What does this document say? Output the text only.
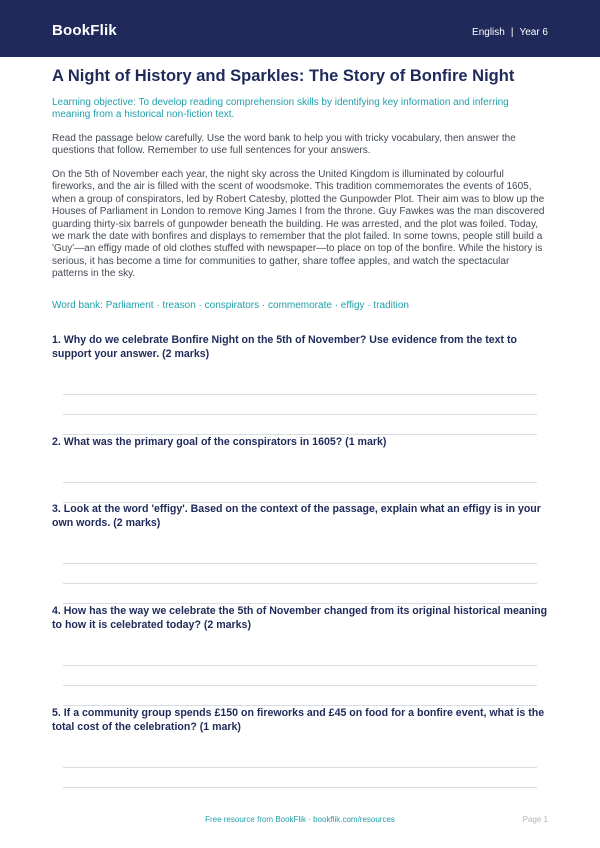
BookFlik	English | Year 6
A Night of History and Sparkles: The Story of Bonfire Night

Learning objective: To develop reading comprehension skills by identifying key information and inferring meaning from a historical non-fiction text.

Read the passage below carefully. Use the word bank to help you with tricky vocabulary, then answer the questions that follow. Remember to use full sentences for your answers.

On the 5th of November each year, the night sky across the United Kingdom is illuminated by colourful fireworks, and the air is filled with the scent of woodsmoke. This tradition commemorates the events of 1605, when a group of conspirators, led by Robert Catesby, plotted the Gunpowder Plot. Their aim was to blow up the Houses of Parliament in London to remove King James I from the throne. Guy Fawkes was the man discovered guarding thirty-six barrels of gunpowder beneath the building. He was arrested, and the plot was foiled. Today, we mark the date with bonfires and displays to remember that the plot failed. In some towns, people still build a 'Guy'—an effigy made of old clothes stuffed with newspaper—to place on top of the bonfire. While the history is serious, it has become a time for communities to gather, share toffee apples, and watch the spectacular patterns in the sky.

Word bank: Parliament · treason · conspirators · commemorate · effigy · tradition

1. Why do we celebrate Bonfire Night on the 5th of November? Use evidence from the text to support your answer. (2 marks)

2. What was the primary goal of the conspirators in 1605? (1 mark)

3. Look at the word 'effigy'. Based on the context of the passage, explain what an effigy is in your own words. (2 marks)

4. How has the way we celebrate the 5th of November changed from its original historical meaning to how it is celebrated today? (2 marks)

5. If a community group spends £150 on fireworks and £45 on food for a bonfire event, what is the total cost of the celebration? (1 mark)

Free resource from BookFlik · bookflik.com/resources	Page 1
